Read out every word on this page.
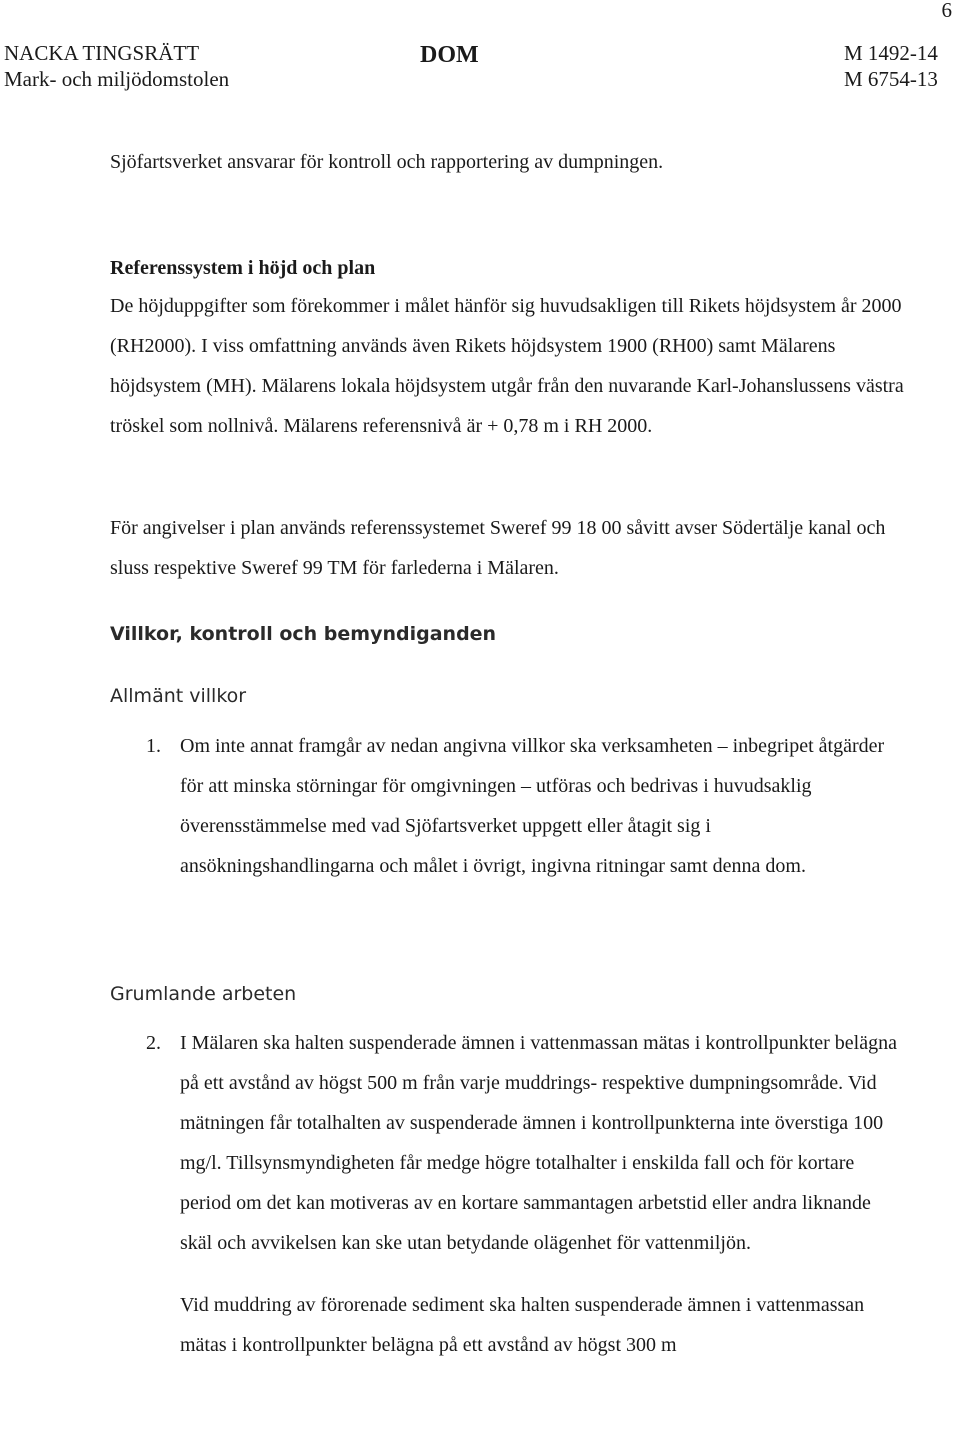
6
NACKA TINGSRÄTT
Mark- och miljödomstolen
DOM	M 1492-14
M 6754-13
Sjöfartsverket ansvarar för kontroll och rapportering av dumpningen.
Referenssystem i höjd och plan
De höjduppgifter som förekommer i målet hänför sig huvudsakligen till Rikets höjdsystem år 2000 (RH2000). I viss omfattning används även Rikets höjdsystem 1900 (RH00) samt Mälarens höjdsystem (MH). Mälarens lokala höjdsystem utgår från den nuvarande Karl-Johanslussens västra tröskel som nollnivå. Mälarens referensnivå är + 0,78 m i RH 2000.
För angivelser i plan används referenssystemet Sweref 99 18 00 såvitt avser Södertälje kanal och sluss respektive Sweref 99 TM för farlederna i Mälaren.
Villkor, kontroll och bemyndiganden
Allmänt villkor
1. Om inte annat framgår av nedan angivna villkor ska verksamheten – inbegripet åtgärder för att minska störningar för omgivningen – utföras och bedrivas i huvudsaklig överensstämmelse med vad Sjöfartsverket uppgett eller åtagit sig i ansökningshandlingarna och målet i övrigt, ingivna ritningar samt denna dom.
Grumlande arbeten
2. I Mälaren ska halten suspenderade ämnen i vattenmassan mätas i kontrollpunkter belägna på ett avstånd av högst 500 m från varje muddrings- respektive dumpningsområde. Vid mätningen får totalhalten av suspenderade ämnen i kontrollpunkterna inte överstiga 100 mg/l. Tillsynsmyndigheten får medge högre totalhalter i enskilda fall och för kortare period om det kan motiveras av en kortare sammantagen arbetstid eller andra liknande skäl och avvikelsen kan ske utan betydande olägenhet för vattenmiljön.

Vid muddring av förorenade sediment ska halten suspenderade ämnen i vattenmassan mätas i kontrollpunkter belägna på ett avstånd av högst 300 m
